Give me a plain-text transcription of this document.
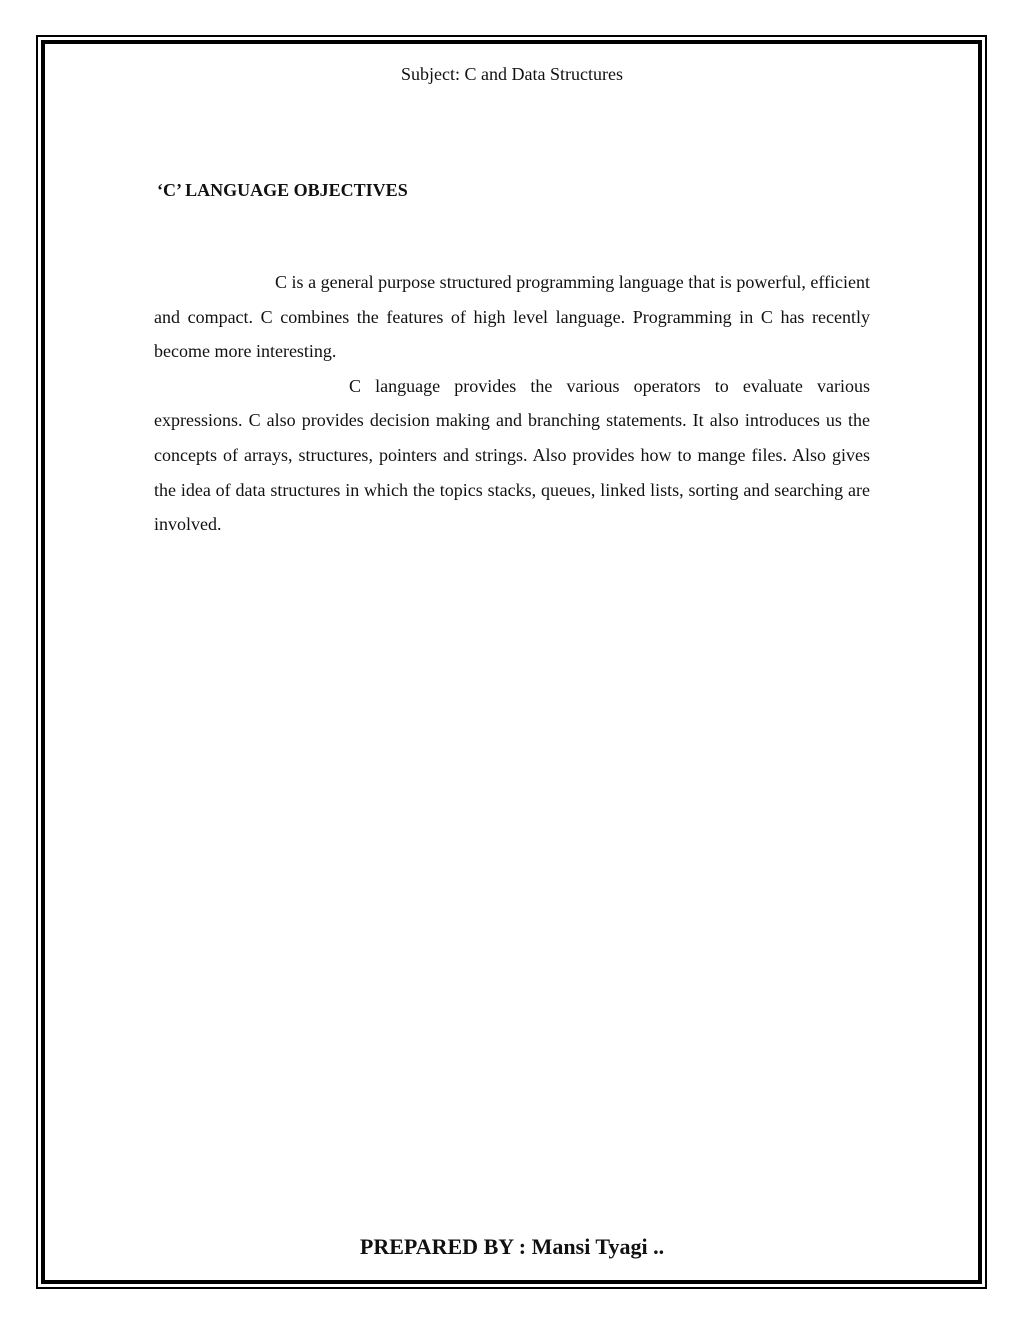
Subject: C and Data Structures
‘C’ LANGUAGE OBJECTIVES

C is a general purpose structured programming language that is powerful, efficient and compact. C combines the features of high level language. Programming in C has recently become more interesting.

C language provides the various operators to evaluate various expressions. C also provides decision making and branching statements. It also introduces us the concepts of arrays, structures, pointers and strings. Also provides how to mange files. Also gives the idea of data structures in which the topics stacks, queues, linked lists, sorting and searching are involved.

PREPARED BY : Mansi Tyagi ..
